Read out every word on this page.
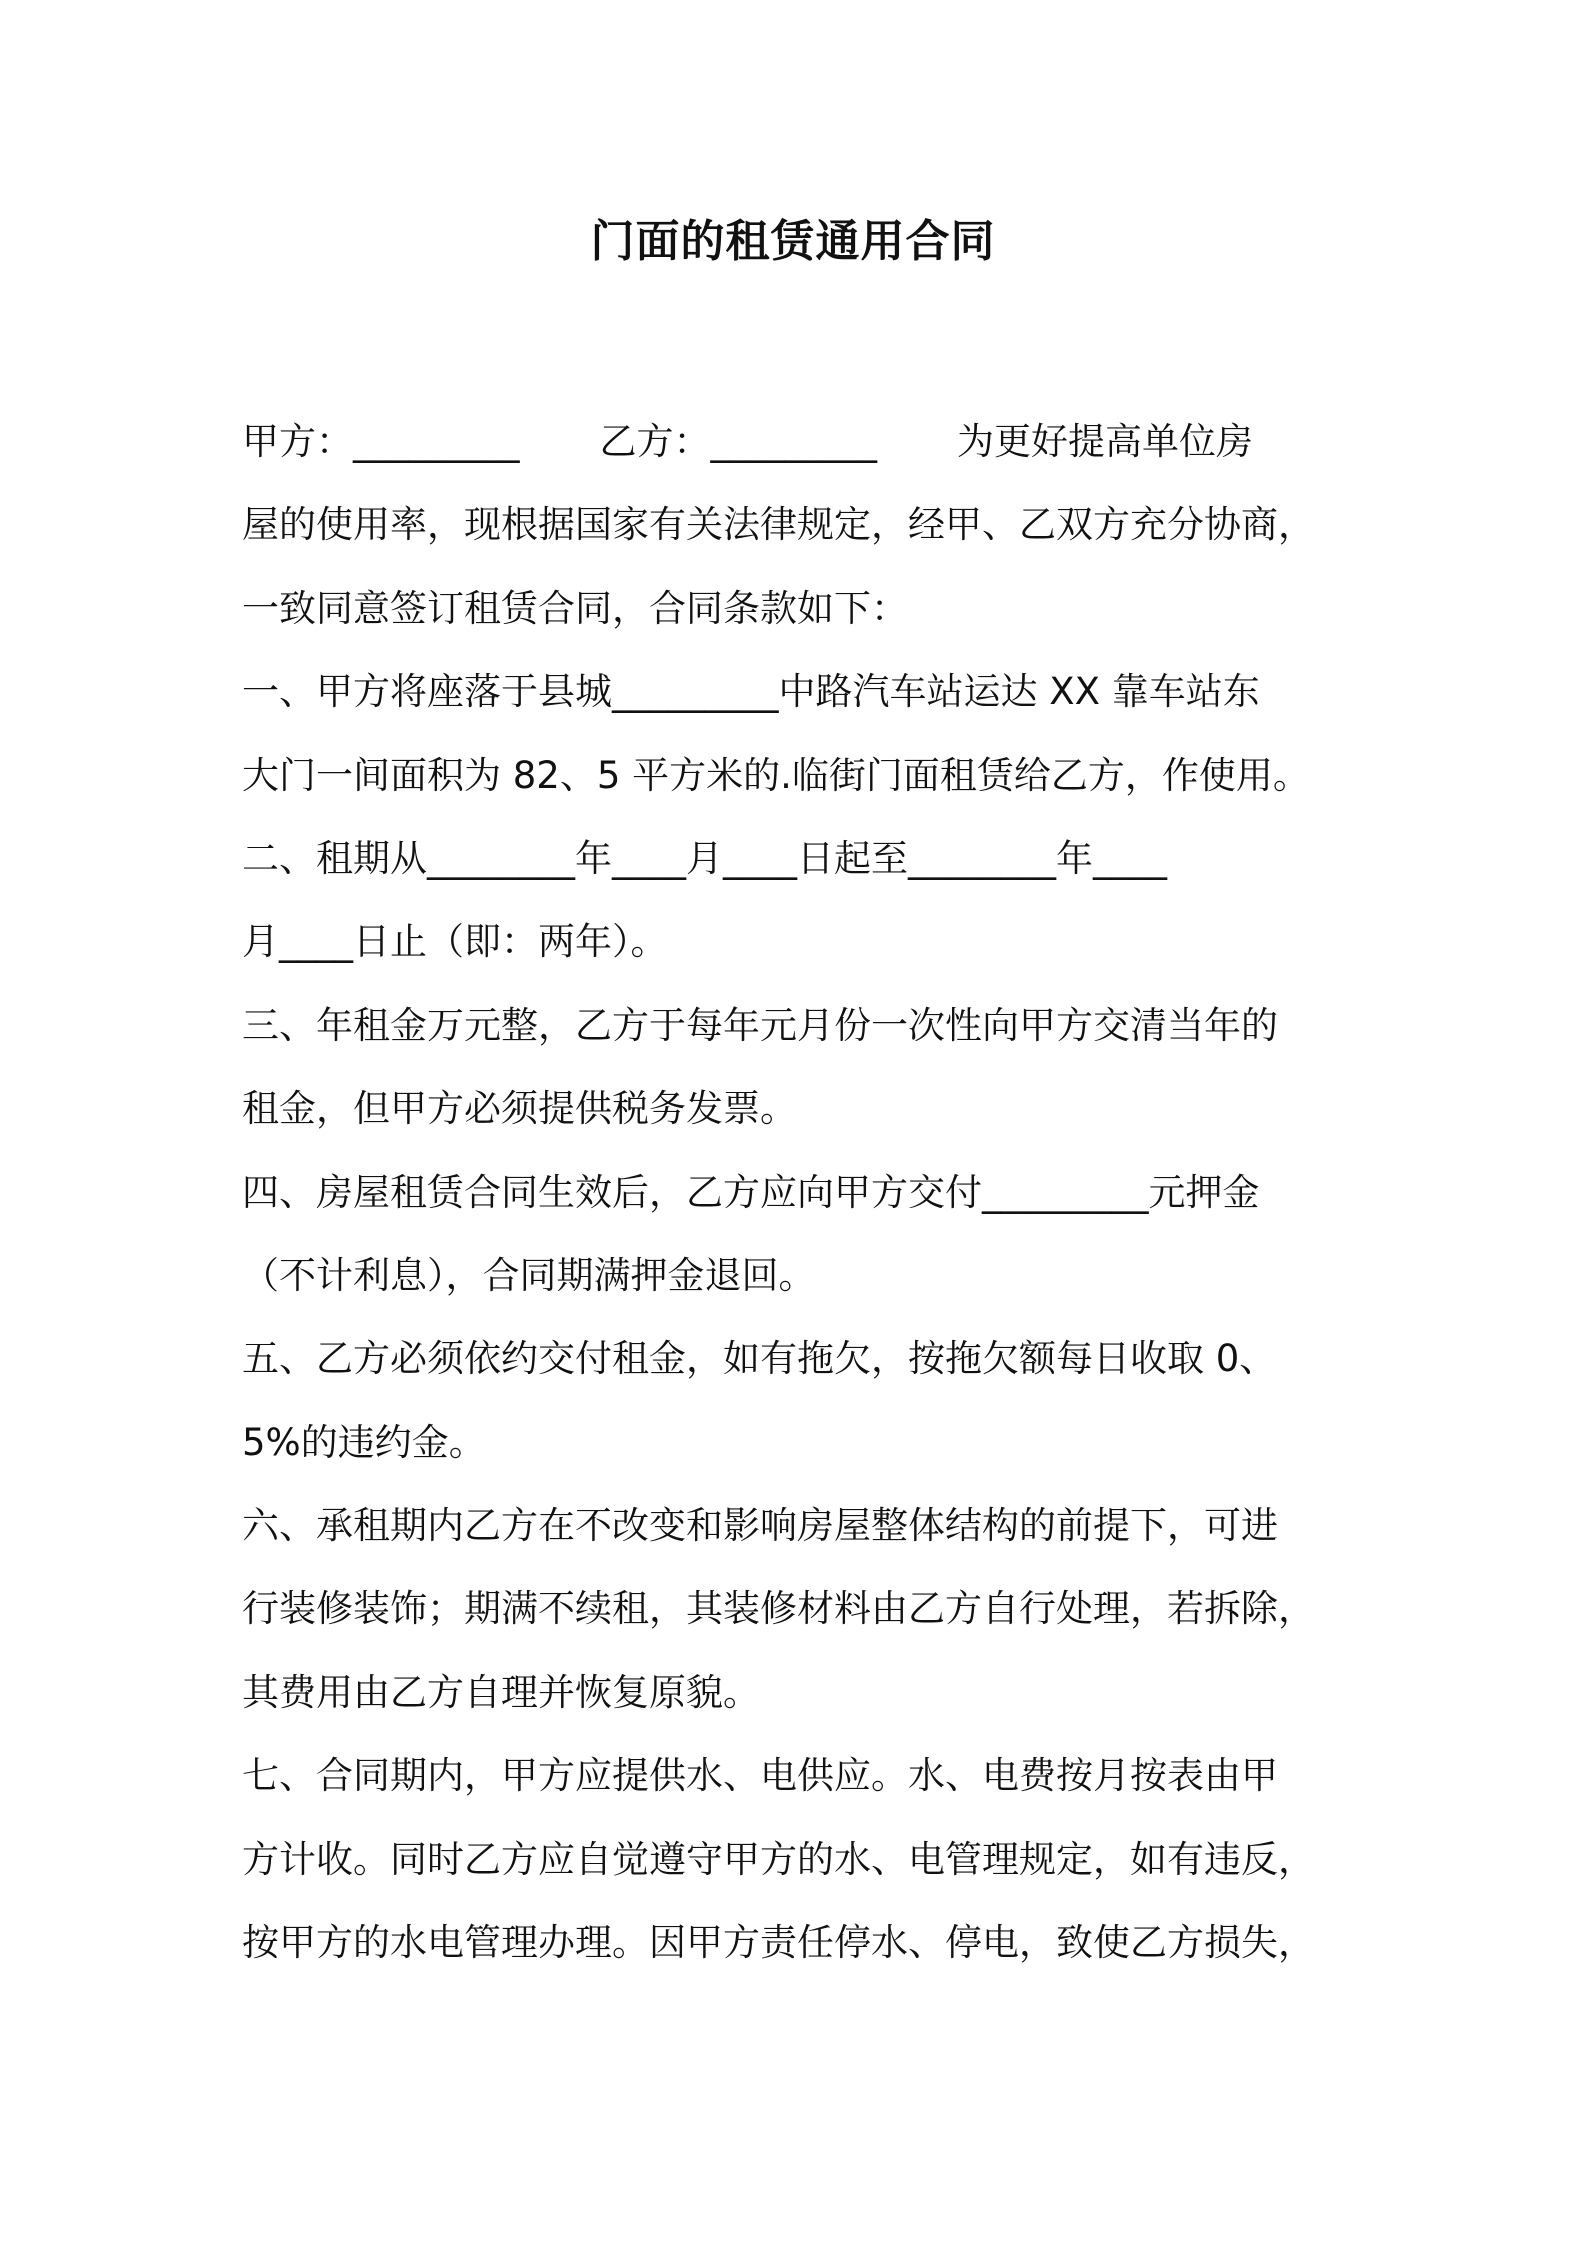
门面的租赁通用合同
甲方：_________ 乙方：_________ 为更好提高单位房
屋的使用率，现根据国家有关法律规定，经甲、乙双方充分协商，
一致同意签订租赁合同，合同条款如下：
一、甲方将座落于县城_________中路汽车站运达 XX 靠车站东
大门一间面积为 82、5 平方米的.临街门面租赁给乙方，作使用。
二、租期从________年____月____日起至________年____
月____日止（即：两年）。
三、年租金万元整，乙方于每年元月份一次性向甲方交清当年的
租金，但甲方必须提供税务发票。
四、房屋租赁合同生效后，乙方应向甲方交付_________元押金
（不计利息），合同期满押金退回。
五、乙方必须依约交付租金，如有拖欠，按拖欠额每日收取 0、
5%的违约金。
六、承租期内乙方在不改变和影响房屋整体结构的前提下，可进
行装修装饰；期满不续租，其装修材料由乙方自行处理，若拆除，
其费用由乙方自理并恢复原貌。
七、合同期内，甲方应提供水、电供应。水、电费按月按表由甲
方计收。同时乙方应自觉遵守甲方的水、电管理规定，如有违反，
按甲方的水电管理办理。因甲方责任停水、停电，致使乙方损失，
